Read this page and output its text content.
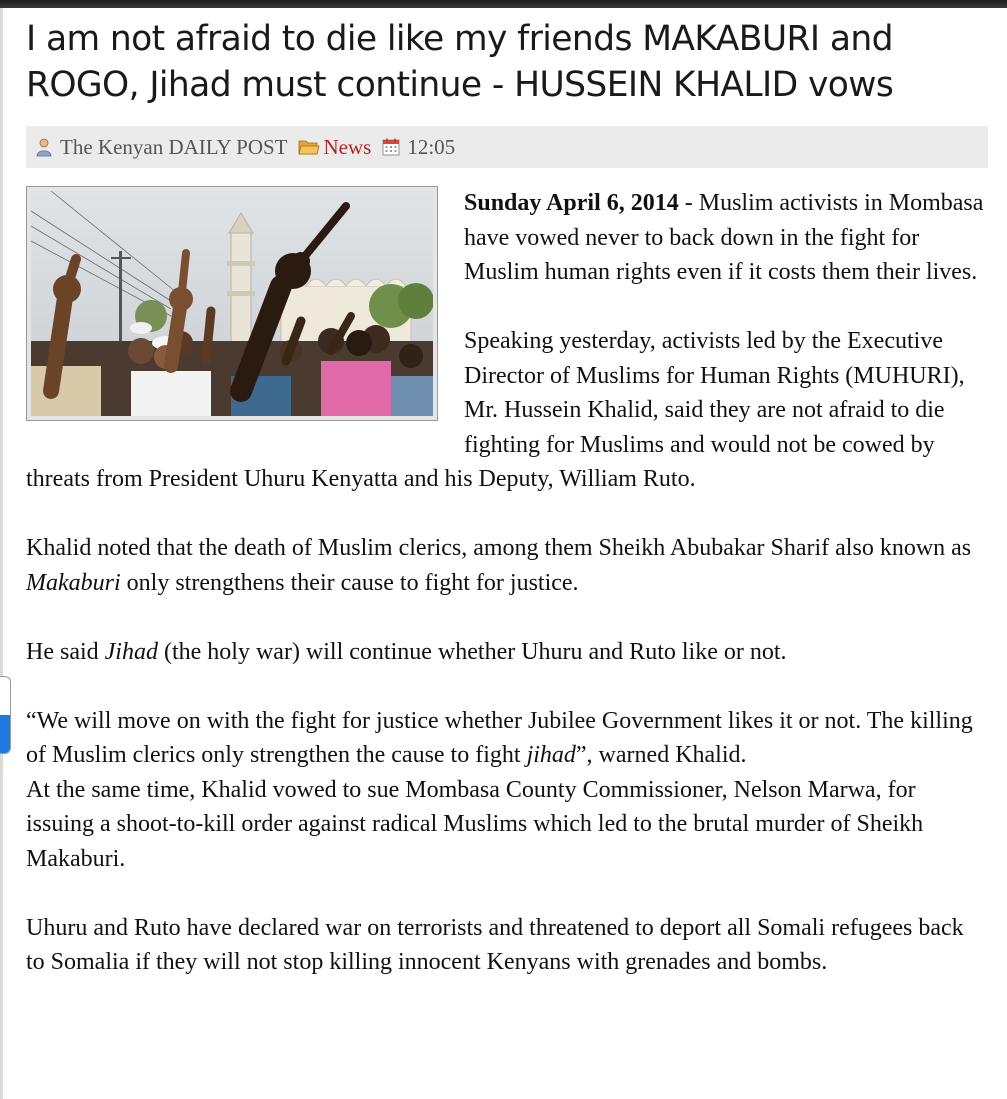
I am not afraid to die like my friends MAKABURI and ROGO, Jihad must continue - HUSSEIN KHALID vows
The Kenyan DAILY POST News 12:05

Sunday April 6, 2014 - Muslim activists in Mombasa have vowed never to back down in the fight for Muslim human rights even if it costs them their lives.

Speaking yesterday, activists led by the Executive Director of Muslims for Human Rights (MUHURI), Mr. Hussein Khalid, said they are not afraid to die fighting for Muslims and would not be cowed by threats from President Uhuru Kenyatta and his Deputy, William Ruto.

Khalid noted that the death of Muslim clerics, among them Sheikh Abubakar Sharif also known as Makaburi only strengthens their cause to fight for justice.

He said Jihad (the holy war) will continue whether Uhuru and Ruto like or not.

“We will move on with the fight for justice whether Jubilee Government likes it or not. The killing of Muslim clerics only strengthen the cause to fight jihad”, warned Khalid.

At the same time, Khalid vowed to sue Mombasa County Commissioner, Nelson Marwa, for issuing a shoot-to-kill order against radical Muslims which led to the brutal murder of Sheikh Makaburi.

Uhuru and Ruto have declared war on terrorists and threatened to deport all Somali refugees back to Somalia if they will not stop killing innocent Kenyans with grenades and bombs.
